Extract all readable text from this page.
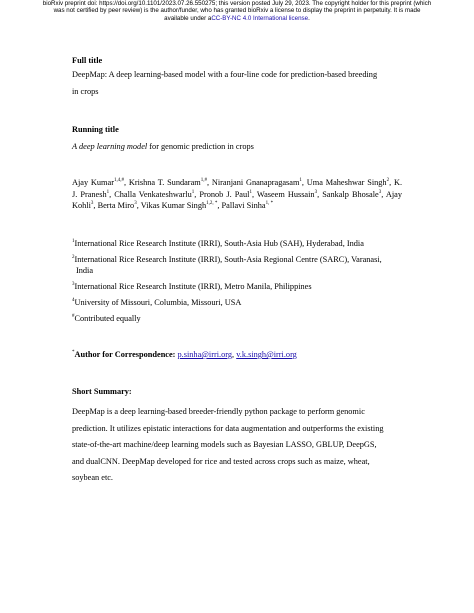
bioRxiv preprint doi: https://doi.org/10.1101/2023.07.26.550275; this version posted July 29, 2023. The copyright holder for this preprint (which
was not certified by peer review) is the author/funder, who has granted bioRxiv a license to display the preprint in perpetuity. It is made
available under aCC-BY-NC 4.0 International license.
Full title
DeepMap: A deep learning-based model with a four-line code for prediction-based breeding
in crops
Running title
A deep learning model for genomic prediction in crops
Ajay Kumar$^{1,4,\#}$, Krishna T. Sundaram$^{1,\#}$, Niranjani Gnanapragasam$^1$, Uma Maheshwar Singh$^2$, K. J. Pranesh$^1$, Challa Venkateshwarlu$^1$, Pronob J. Paul$^1$, Waseem Hussain$^3$, Sankalp Bhosale$^3$, Ajay Kohli$^3$, Berta Miro$^3$, Vikas Kumar Singh$^{1,2, *}$, Pallavi Sinha$^{1, *}$
$^1$International Rice Research Institute (IRRI), South-Asia Hub (SAH), Hyderabad, India
$^2$International Rice Research Institute (IRRI), South-Asia Regional Centre (SARC), Varanasi,
India
$^3$International Rice Research Institute (IRRI), Metro Manila, Philippines
$^4$University of Missouri, Columbia, Missouri, USA
#Contributed equally
*Author for Correspondence: p.sinha@irri.org, v.k.singh@irri.org
Short Summary:
DeepMap is a deep learning-based breeder-friendly python package to perform genomic
prediction. It utilizes epistatic interactions for data augmentation and outperforms the existing
state-of-the-art machine/deep learning models such as Bayesian LASSO, GBLUP, DeepGS,
and dualCNN. DeepMap developed for rice and tested across crops such as maize, wheat,
soybean etc.
